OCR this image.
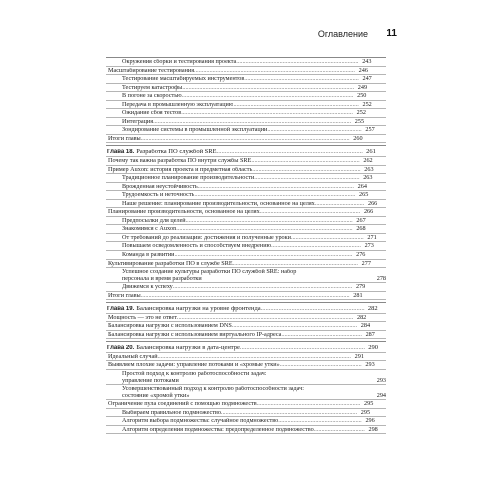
Оглавление 11
Окружения сборки и тестирования проекта ............................................................................... 243
Масштабирование тестирования ........................................................................................................ 246
Тестирование масштабируемых инструментов .......................................................................... 247
Тестируем катастрофы ............................................................................................................... 249
В погоне за скоростью ............................................................................................................... 250
Передача в промышленную эксплуатацию ................................................................................. 252
Ожидание сбоя тестов ............................................................................................................... 252
Интеграция ................................................................................................................................ 255
Зондирование системы в промышленной эксплуатации ............................................................. 257
Итоги главы ....................................................................................................................................... 260
Глава 18. Разработка ПО службой SRE .......................................................................................... 261
Почему так важна разработка ПО внутри службы SRE ...................................................................... 262
Пример Auxon: история проекта и предметная область ...................................................................... 263
Традиционное планирование производительности .................................................................... 263
Врожденная неустойчивость ..................................................................................................... 264
Трудоемкость и неточность ........................................................................................................ 265
Наше решение: планирование производительности, основанное на целях ................................ 266
Планирование производительности, основанное на целях ................................................................. 266
Предпосылки для целей ............................................................................................................ 267
Знакомимся с Auxon .................................................................................................................. 268
От требований до реализации: достижения и полученные уроки ............................................... 271
Повышаем осведомленность и способствуем внедрению .......................................................... 273
Команда в развитии ................................................................................................................... 276
Культивирование разработки ПО в службе SRE ................................................................................. 277
Успешное создание культуры разработки ПО службой SRE: набор
персонала и время разработки	278
Движемся к успеху .................................................................................................................... 279
Итоги главы ....................................................................................................................................... 281
Глава 19. Балансировка нагрузки на уровне фронтенда ................................................................ 282
Мощность — это не ответ .................................................................................................................. 282
Балансировка нагрузки с использованием DNS ................................................................................. 284
Балансировка нагрузки с использованием виртуального IP-адреса .................................................... 287
Глава 20. Балансировка нагрузки в дата-центре ............................................................................. 290
Идеальный случай ............................................................................................................................. 291
Выявляем плохие задачи: управление потоками и «хромые утки» ..................................................... 293
Простой подход к контролю работоспособности задач:
управление потоками	293
Усовершенствованный подход к контролю работоспособности задач:
состояние «хромой утки»	294
Ограничение пула соединений с помощью подмножеств ................................................................... 295
Выбираем правильное подмножество ........................................................................................ 295
Алгоритм выбора подмножества: случайное подмножество ...................................................... 296
Алгоритм определения подмножества: предопределенное подмножество ................................. 298
